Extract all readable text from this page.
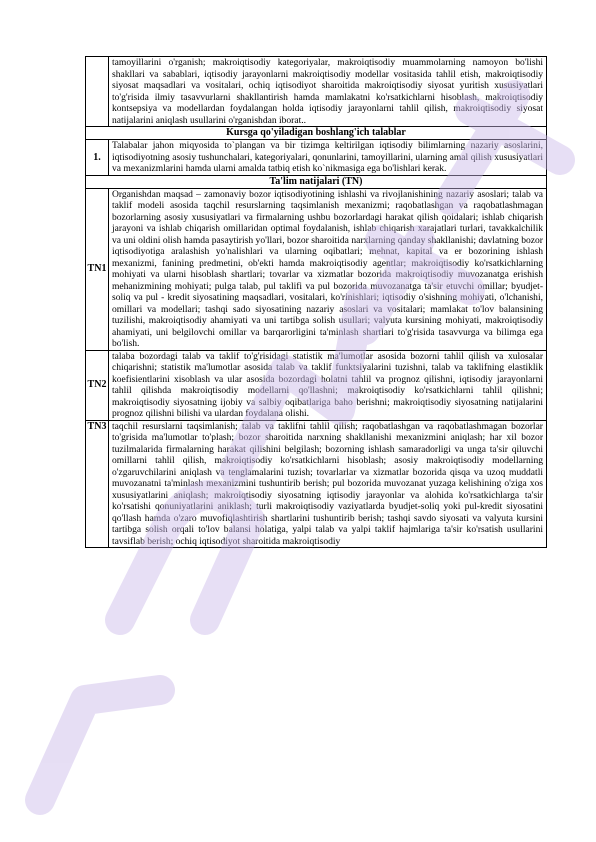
	tamoyillarini o'rganish; makroiqtisodiy kategoriyalar, makroiqtisodiy muammolarning namoyon bo'lishi shakllari va sabablari, iqtisodiy jarayonlarni makroiqtisodiy modellar vositasida tahlil etish, makroiqtisodiy siyosat maqsadlari va vositalari, ochiq iqtisodiyot sharoitida makroiqtisodiy siyosat yuritish xususiyatlari to'g'risida ilmiy tasavvurlarni shakllantirish hamda mamlakatni ko'rsatkichlarni hisoblash, makroiqtisodiy kontsepsiya va modellardan foydalangan holda iqtisodiy jarayonlarni tahlil qilish, makroiqtisodiy siyosat natijalarini aniqlash usullarini o'rganishdan iborat..
Kursga qo'yiladigan boshlang'ich talablar	
1.	Talabalar jahon miqyosida to`plangan va bir tizimga keltirilgan iqtisodiy bilimlarning nazariy asoslarini, iqtisodiyotning asosiy tushunchalari, kategoriyalari, qonunlarini, tamoyillarini, ularning amal qilish xususiyatlari va mexanizmlarini hamda ularni amalda tatbiq etish ko`nikmasiga ega bo'lishlari kerak.
Ta'lim natijalari (TN)	
TN1	Organishdan maqsad – zamonaviy bozor iqtisodiyotining ishlashi va rivojlanishining nazariy asoslari; talab va taklif modeli asosida taqchil resurslarning taqsimlanish mexanizmi; raqobatlashgan va raqobatlashmagan bozorlarning asosiy xususiyatlari va firmalarning ushbu bozorlardagi harakat qilish qoidalari; ishlab chiqarish jarayoni va ishlab chiqarish omillaridan optimal foydalanish, ishlab chiqarish xarajatlari turlari, tavakkalchilik va uni oldini olish hamda pasaytirish yo'llari, bozor sharoitida narxlarning qanday shakllanishi; davlatning bozor iqtisodiyotiga aralashish yo'nalishlari va ularning oqibatlari; mehnat, kapital va er bozorining ishlash mexanizmi, fanining predmetini, ob'ekti hamda makroiqtisodiy agentlar; makroiqtisodiy ko'rsatkichlarning mohiyati va ularni hisoblash shartlari; tovarlar va xizmatlar bozorida makroiqtisodiy muvozanatga erishish mehanizmining mohiyati; pulga talab, pul taklifi va pul bozorida muvozanatga ta'sir etuvchi omillar; byudjet-soliq va pul - kredit siyosatining maqsadlari, vositalari, ko'rinishlari; iqtisodiy o'sishning mohiyati, o'lchanishi, omillari va modellari; tashqi sado siyosatining nazariy asoslari va vositalari; mamlakat to'lov balansining tuzilishi, makroiqtisodiy ahamiyati va uni tartibga solish usullari; valyuta kursining mohiyati, makroiqtisodiy ahamiyati, uni belgilovchi omillar va barqarorligini ta'minlash shartlari to'g'risida tasavvurga va bilimga ega bo'lish.
TN2	talaba bozordagi talab va taklif to'g'risidagi statistik ma'lumotlar asosida bozorni tahlil qilish va xulosalar chiqarishni; statistik ma'lumotlar asosida talab va taklif funktsiyalarini tuzishni, talab va taklifning elastiklik koefisientlarini xisoblash va ular asosida bozordagi holatni tahlil va prognoz qilishni, iqtisodiy jarayonlarni tahlil qilishda makroiqtisodiy modellarni qo'llashni; makroiqtisodiy ko'rsatkichlarni tahlil qilishni; makroiqtisodiy siyosatning ijobiy va salbiy oqibatlariga baho berishni; makroiqtisodiy siyosatning natijalarini prognoz qilishni bilishi va ulardan foydalana olishi.
TN3	taqchil resurslarni taqsimlanish; talab va taklifni tahlil qilish; raqobatlashgan va raqobatlashmagan bozorlar to'grisida ma'lumotlar to'plash; bozor sharoitida narxning shakllanishi mexanizmini aniqlash; har xil bozor tuzilmalarida firmalarning harakat qilishini belgilash; bozorning ishlash samaradorligi va unga ta'sir qiluvchi omillarni tahlil qilish, makroiqtisodiy ko'rsatkichlarni hisoblash; asosiy makroiqtisodiy modellarning o'zgaruvchilarini aniqlash va tenglamalarini tuzish; tovarlarlar va xizmatlar bozorida qisqa va uzoq muddatli muvozanatni ta'minlash mexanizmini tushuntirib berish; pul bozorida muvozanat yuzaga kelishining o'ziga xos xususiyatlarini aniqlash; makroiqtisodiy siyosatning iqtisodiy jarayonlar va alohida ko'rsatkichlarga ta'sir ko'rsatishi qonuniyatlarini aniklash; turli makroiqtisodiy vaziyatlarda byudjet-soliq yoki pul-kredit siyosatini qo'llash hamda o'zaro muvofiqlashtirish shartlarini tushuntirib berish; tashqi savdo siyosati va valyuta kursini tartibga solish orqali to'lov balansi holatiga, yalpi talab va yalpi taklif hajmlariga ta'sir ko'rsatish usullarini tavsiflab berish; ochiq iqtisodiyot sharoitida makroiqtisodiy
